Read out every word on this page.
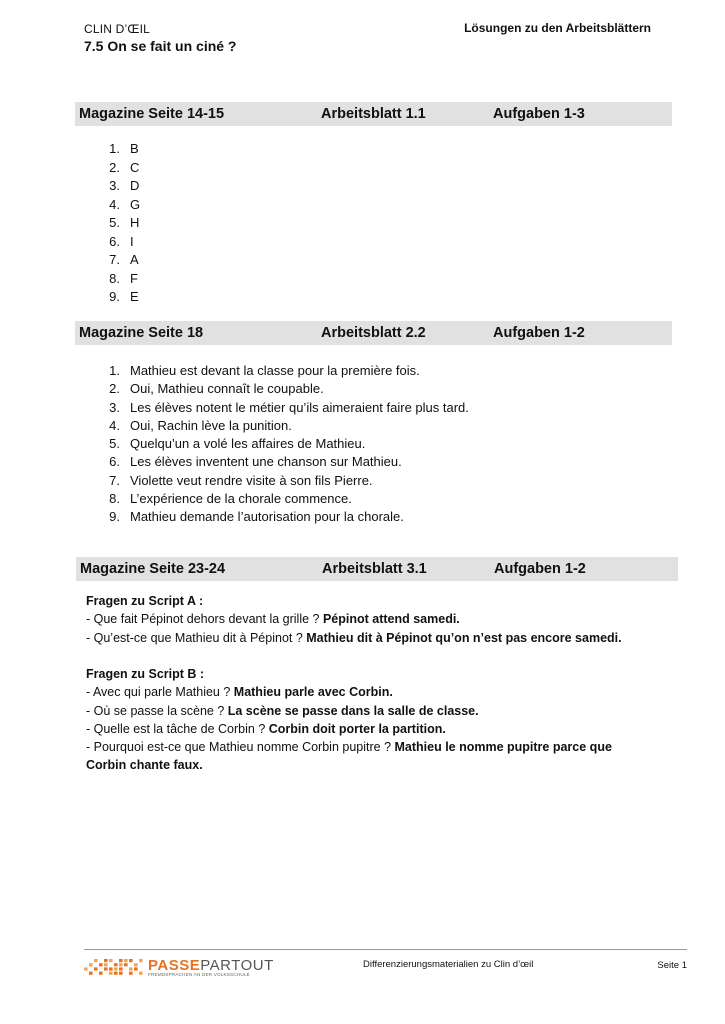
CLIN D’ŒIL
7.5 On se fait un ciné ?
Lösungen zu den Arbeitsblättern
Magazine Seite 14-15	Arbeitsblatt 1.1	Aufgaben 1-3
1. B
2. C
3. D
4. G
5. H
6. I
7. A
8. F
9. E
Magazine Seite 18	Arbeitsblatt 2.2	Aufgaben 1-2
1. Mathieu est devant la classe pour la première fois.
2. Oui, Mathieu connaît le coupable.
3. Les élèves notent le métier qu’ils aimeraient faire plus tard.
4. Oui, Rachin lève la punition.
5. Quelqu’un a volé les affaires de Mathieu.
6. Les élèves inventent une chanson sur Mathieu.
7. Violette veut rendre visite à son fils Pierre.
8. L’expérience de la chorale commence.
9. Mathieu demande l’autorisation pour la chorale.
Magazine Seite 23-24	Arbeitsblatt 3.1	Aufgaben 1-2
Fragen zu Script A :
- Que fait Pépinot dehors devant la grille ? Pépinot attend samedi.
- Qu’est-ce que Mathieu dit à Pépinot ? Mathieu dit à Pépinot qu’on n’est pas encore samedi.
Fragen zu Script B :
- Avec qui parle Mathieu ? Mathieu parle avec Corbin.
- Où se passe la scène ? La scène se passe dans la salle de classe.
- Quelle est la tâche de Corbin ? Corbin doit porter la partition.
- Pourquoi est-ce que Mathieu nomme Corbin pupitre ? Mathieu le nomme pupitre parce que Corbin chante faux.
PASSEPARTOUT
FREMDSPRACHEN AN DER VOLKSSCHULE
Differenzierungsmaterialien zu Clin d’œil	Seite 1
